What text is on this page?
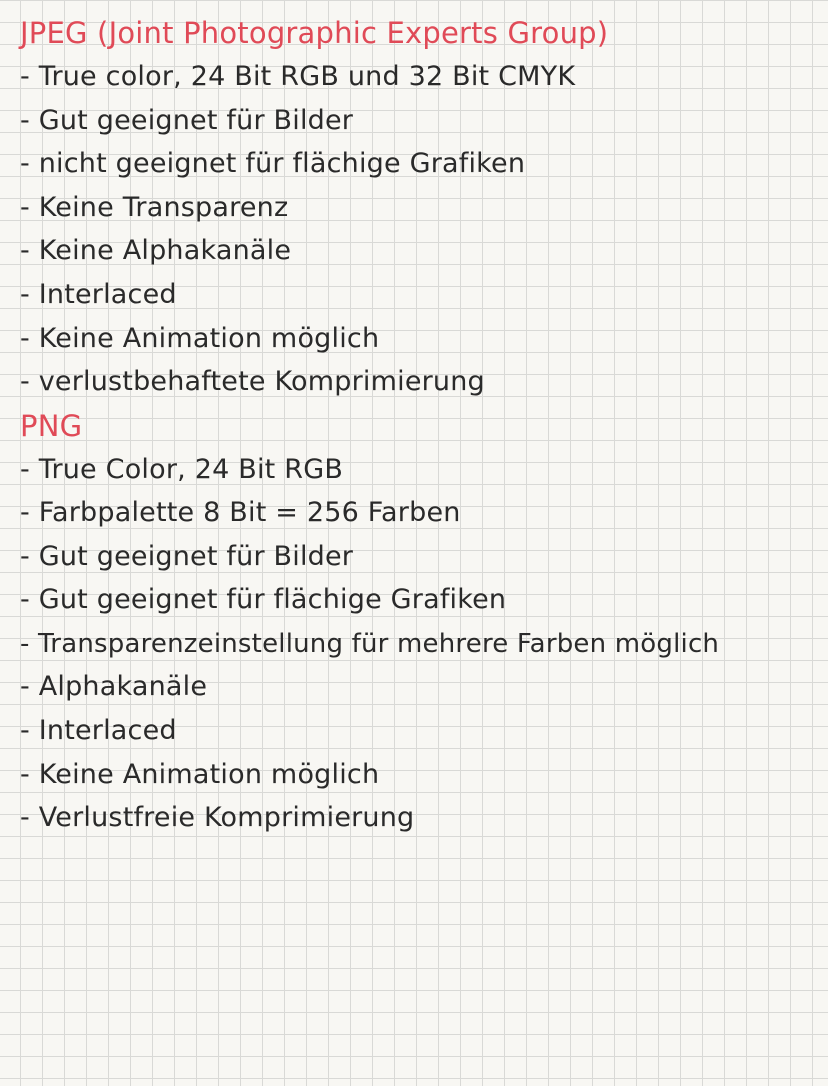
JPEG (Joint Photographic Experts Group)
- True color, 24 Bit RGB und 32 Bit CMYK
- Gut geeignet für Bilder
- nicht geeignet für flächige Grafiken
- Keine Transparenz
- Keine Alphakanäle
- Interlaced
- Keine Animation möglich
- verlustbehaftete Komprimierung
PNG
- True Color, 24 Bit RGB
- Farbpalette 8 Bit = 256 Farben
- Gut geeignet für Bilder
- Gut geeignet für flächige Grafiken
- Transparenzeinstellung für mehrere Farben möglich
- Alphakanäle
- Interlaced
- Keine Animation möglich
- Verlustfreie Komprimierung
